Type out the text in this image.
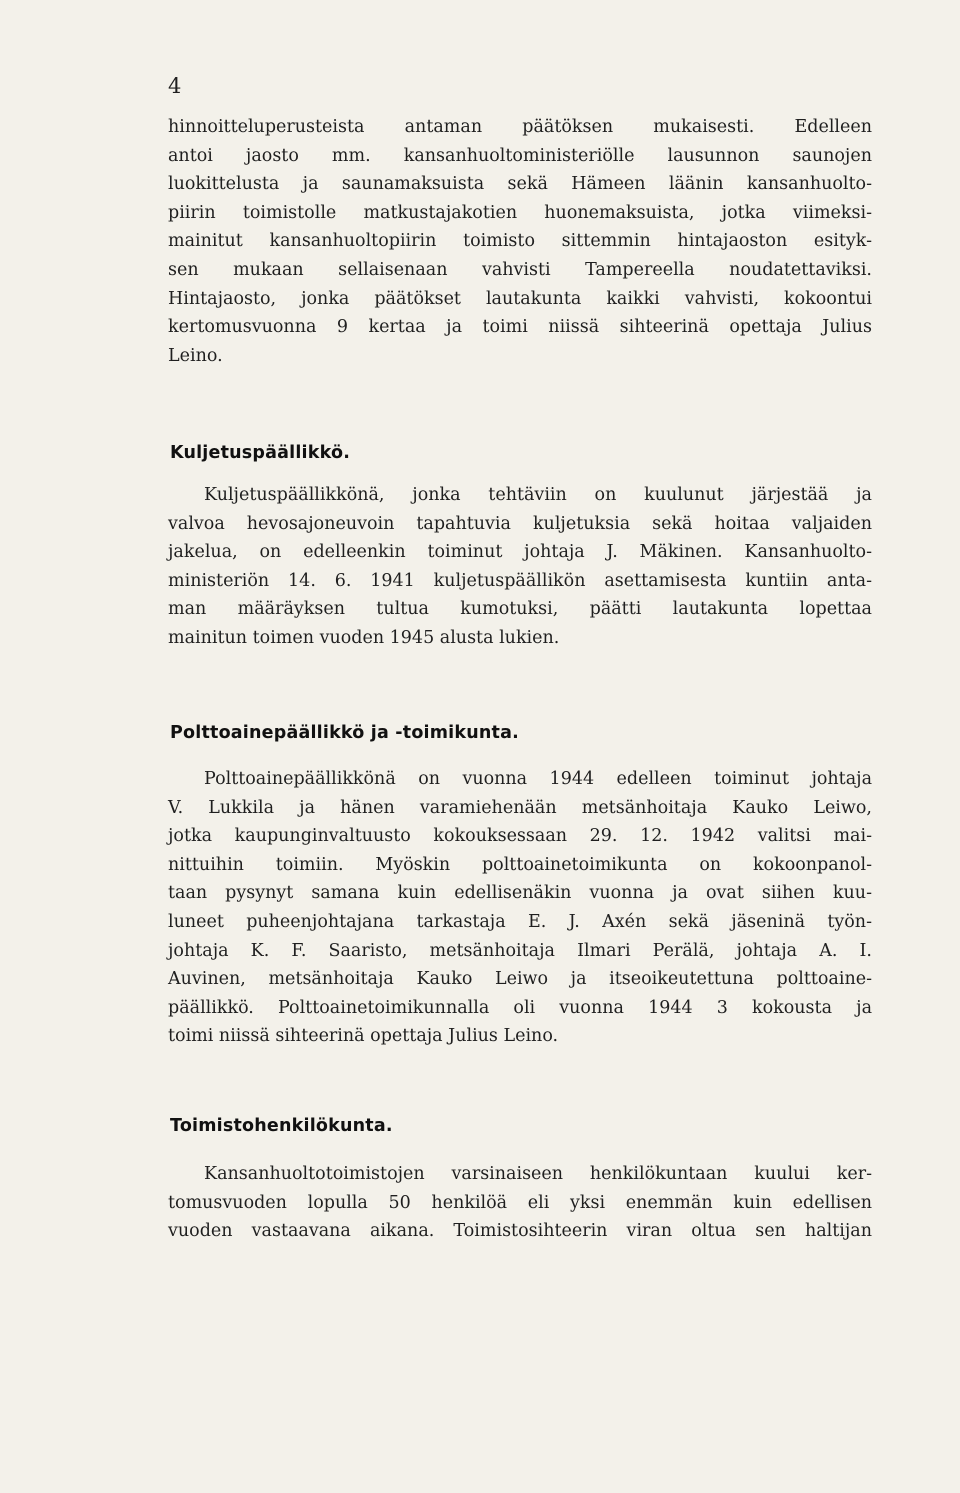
4
hinnoitteluperusteista antaman päätöksen mukaisesti. Edelleen
antoi jaosto mm. kansanhuoltoministeriölle lausunnon saunojen
luokittelusta ja saunamaksuista sekä Hämeen läänin kansanhuolto-
piirin toimistolle matkustajakotien huonemaksuista, jotka viimeksi-
mainitut kansanhuoltopiirin toimisto sittemmin hintajaoston esityk-
sen mukaan sellaisenaan vahvisti Tampereella noudatettaviksi.
Hintajaosto, jonka päätökset lautakunta kaikki vahvisti, kokoontui
kertomusvuonna 9 kertaa ja toimi niissä sihteerinä opettaja Julius
Leino.
Kuljetuspäällikkö.
Kuljetuspäällikkönä, jonka tehtäviin on kuulunut järjestää ja
valvoa hevosajoneuvoin tapahtuvia kuljetuksia sekä hoitaa valjaiden
jakelua, on edelleenkin toiminut johtaja J. Mäkinen. Kansanhuolto-
ministeriön 14. 6. 1941 kuljetuspäällikön asettamisesta kuntiin anta-
man määräyksen tultua kumotuksi, päätti lautakunta lopettaa
mainitun toimen vuoden 1945 alusta lukien.
Polttoainepäällikkö ja -toimikunta.
Polttoainepäällikkönä on vuonna 1944 edelleen toiminut johtaja
V. Lukkila ja hänen varamiehenään metsänhoitaja Kauko Leiwo,
jotka kaupunginvaltuusto kokouksessaan 29. 12. 1942 valitsi mai-
nittuihin toimiin. Myöskin polttoainetoimikunta on kokoonpanol-
taan pysynyt samana kuin edellisenäkin vuonna ja ovat siihen kuu-
luneet puheenjohtajana tarkastaja E. J. Axén sekä jäseninä työn-
johtaja K. F. Saaristo, metsänhoitaja Ilmari Perälä, johtaja A. I.
Auvinen, metsänhoitaja Kauko Leiwo ja itseoikeutettuna polttoaine-
päällikkö. Polttoainetoimikunnalla oli vuonna 1944 3 kokousta ja
toimi niissä sihteerinä opettaja Julius Leino.
Toimistohenkilökunta.
Kansanhuoltotoimistojen varsinaiseen henkilökuntaan kuului ker-
tomusvuoden lopulla 50 henkilöä eli yksi enemmän kuin edellisen
vuoden vastaavana aikana. Toimistosihteerin viran oltua sen haltijan
